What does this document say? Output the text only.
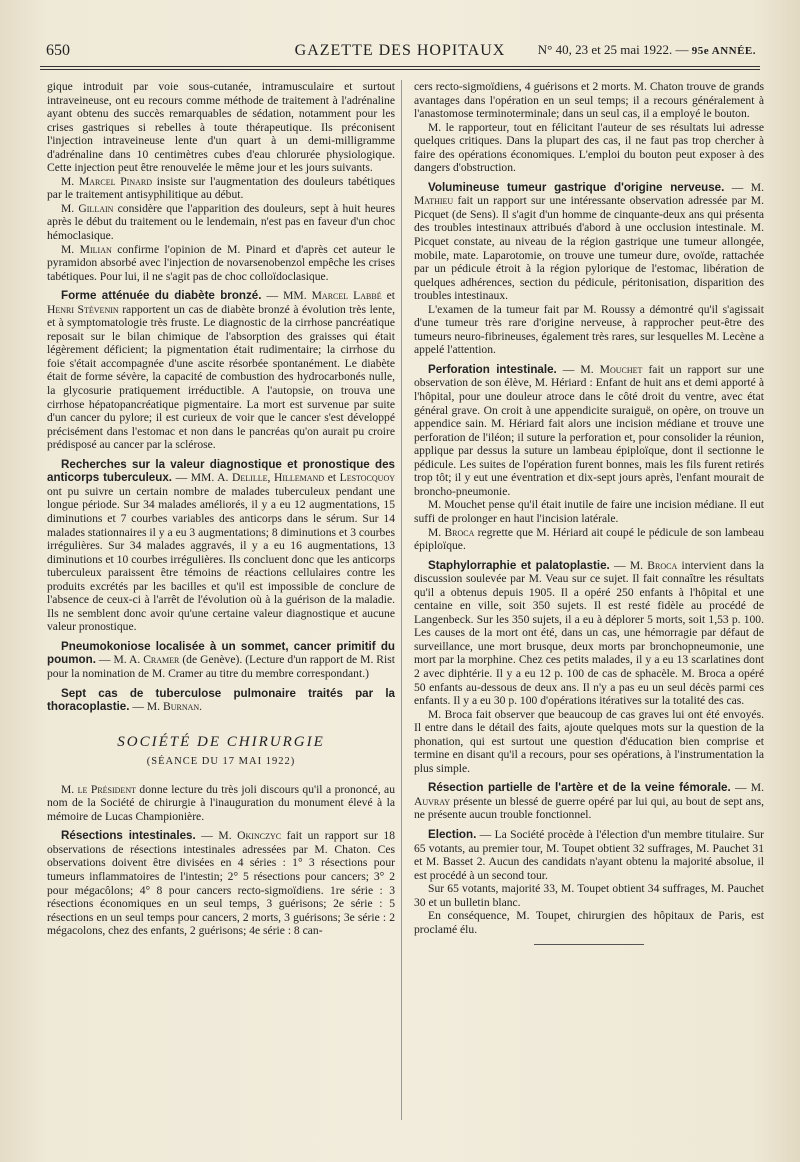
650	GAZETTE DES HOPITAUX	N° 40, 23 et 25 mai 1922. — 95e ANNÉE.

gique introduit par voie sous-cutanée, intramusculaire et surtout intraveineuse, ont eu recours comme méthode de traitement à l'adrénaline ayant obtenu des succès remarquables de sédation, notamment pour les crises gastriques si rebelles à toute thérapeutique. Ils préconisent l'injection intraveineuse lente d'un quart à un demi-milligramme d'adrénaline dans 10 centimètres cubes d'eau chlorurée physiologique. Cette injection peut être renouvelée le même jour et les jours suivants.

M. Marcel Pinard insiste sur l'augmentation des douleurs tabétiques par le traitement antisyphilitique au début.

M. Gillain considère que l'apparition des douleurs, sept à huit heures après le début du traitement ou le lendemain, n'est pas en faveur d'un choc hémoclasique.

M. Milian confirme l'opinion de M. Pinard et d'après cet auteur le pyramidon absorbé avec l'injection de novarsenobenzol empêche les crises tabétiques. Pour lui, il ne s'agit pas de choc colloïdoclasique.

Forme atténuée du diabète bronzé. — MM. Marcel Labbé et Henri Stévenin rapportent un cas de diabète bronzé à évolution très lente, et à symptomatologie très fruste. Le diagnostic de la cirrhose pancréatique reposait sur le bilan chimique de l'absorption des graisses qui était légèrement déficient; la pigmentation était rudimentaire; la cirrhose du foie s'était accompagnée d'une ascite résorbée spontanément. Le diabète était de forme sévère, la capacité de combustion des hydrocarbonés nulle, la glycosurie pratiquement irréductible. A l'autopsie, on trouva une cirrhose hépatopancréatique pigmentaire. La mort est survenue par suite d'un cancer du pylore; il est curieux de voir que le cancer s'est développé précisément dans l'estomac et non dans le pancréas qu'on aurait pu croire prédisposé au cancer par la sclérose.

Recherches sur la valeur diagnostique et pronostique des anticorps tuberculeux. — MM. A. Delille, Hillemand et Lestocquoy ont pu suivre un certain nombre de malades tuberculeux pendant une longue période. Sur 34 malades améliorés, il y a eu 12 augmentations, 15 diminutions et 7 courbes variables des anticorps dans le sérum. Sur 14 malades stationnaires il y a eu 3 augmentations; 8 diminutions et 3 courbes irrégulières. Sur 34 malades aggravés, il y a eu 16 augmentations, 13 diminutions et 10 courbes irrégulières. Ils concluent donc que les anticorps tuberculeux paraissent être témoins de réactions cellulaires contre les produits excrétés par les bacilles et qu'il est impossible de conclure de l'absence de ceux-ci à l'arrêt de l'évolution où à la guérison de la maladie. Ils ne semblent donc avoir qu'une certaine valeur diagnostique et aucune valeur pronostique.

Pneumokoniose localisée à un sommet, cancer primitif du poumon. — M. A. Cramer (de Genève). (Lecture d'un rapport de M. Rist pour la nomination de M. Cramer au titre du membre correspondant.)

Sept cas de tuberculose pulmonaire traités par la thoracoplastie. — M. Burnan.

SOCIÉTÉ DE CHIRURGIE
(SÉANCE DU 17 MAI 1922)

M. le Président donne lecture du très joli discours qu'il a prononcé, au nom de la Société de chirurgie à l'inauguration du monument élevé à la mémoire de Lucas Championière.

Résections intestinales. — M. Okinczyc fait un rapport sur 18 observations de résections intestinales adressées par M. Chaton. Ces observations doivent être divisées en 4 séries : 1° 3 résections pour tumeurs inflammatoires de l'intestin; 2° 5 résections pour cancers; 3° 2 pour mégacôlons; 4° 8 pour cancers recto-sigmoïdiens. 1re série : 3 résections économiques en un seul temps, 3 guérisons; 2e série : 5 résections en un seul temps pour cancers, 2 morts, 3 guérisons; 3e série : 2 mégacolons, chez des enfants, 2 guérisons; 4e série : 8 can-

cers recto-sigmoïdiens, 4 guérisons et 2 morts. M. Chaton trouve de grands avantages dans l'opération en un seul temps; il a recours généralement à l'anastomose terminoterminale; dans un seul cas, il a employé le bouton.

M. le rapporteur, tout en félicitant l'auteur de ses résultats lui adresse quelques critiques. Dans la plupart des cas, il ne faut pas trop chercher à faire des opérations économiques. L'emploi du bouton peut exposer à des dangers d'obstruction.

Volumineuse tumeur gastrique d'origine nerveuse. — M. Mathieu fait un rapport sur une intéressante observation adressée par M. Picquet (de Sens). Il s'agit d'un homme de cinquante-deux ans qui présenta des troubles intestinaux attribués d'abord à une occlusion intestinale. M. Picquet constate, au niveau de la région gastrique une tumeur allongée, mobile, mate. Laparotomie, on trouve une tumeur dure, ovoïde, rattachée par un pédicule étroit à la région pylorique de l'estomac, libération de quelques adhérences, section du pédicule, péritonisation, disparition des troubles intestinaux.

L'examen de la tumeur fait par M. Roussy a démontré qu'il s'agissait d'une tumeur très rare d'origine nerveuse, à rapprocher peut-être des tumeurs neuro-fibrineuses, également très rares, sur lesquelles M. Lecène a appelé l'attention.

Perforation intestinale. — M. Mouchet fait un rapport sur une observation de son élève, M. Hériard : Enfant de huit ans et demi apporté à l'hôpital, pour une douleur atroce dans le côté droit du ventre, avec état général grave. On croit à une appendicite suraiguë, on opère, on trouve un appendice sain. M. Hériard fait alors une incision médiane et trouve une perforation de l'iléon; il suture la perforation et, pour consolider la réunion, applique par dessus la suture un lambeau épiploïque, dont il sectionne le pédicule. Les suites de l'opération furent bonnes, mais les fils furent retirés trop tôt; il y eut une éventration et dix-sept jours après, l'enfant mourait de broncho-pneumonie.

M. Mouchet pense qu'il était inutile de faire une incision médiane. Il eut suffi de prolonger en haut l'incision latérale.

M. Broca regrette que M. Hériard ait coupé le pédicule de son lambeau épiploïque.

Staphylorraphie et palatoplastie. — M. Broca intervient dans la discussion soulevée par M. Veau sur ce sujet. Il fait connaître les résultats qu'il a obtenus depuis 1905. Il a opéré 250 enfants à l'hôpital et une centaine en ville, soit 350 sujets. Il est resté fidèle au procédé de Langenbeck. Sur les 350 sujets, il a eu à déplorer 5 morts, soit 1,53 p. 100. Les causes de la mort ont été, dans un cas, une hémorragie par défaut de surveillance, une mort brusque, deux morts par bronchopneumonie, une mort par la morphine. Chez ces petits malades, il y a eu 13 scarlatines dont 2 avec diphtérie. Il y a eu 12 p. 100 de cas de sphacèle. M. Broca a opéré 50 enfants au-dessous de deux ans. Il n'y a pas eu un seul décès parmi ces enfants. Il y a eu 30 p. 100 d'opérations itératives sur la totalité des cas.

M. Broca fait observer que beaucoup de cas graves lui ont été envoyés. Il entre dans le détail des faits, ajoute quelques mots sur la question de la phonation, qui est surtout une question d'éducation bien comprise et termine en disant qu'il a recours, pour ses opérations, à l'instrumentation la plus simple.

Résection partielle de l'artère et de la veine fémorale. — M. Auvray présente un blessé de guerre opéré par lui qui, au bout de sept ans, ne présente aucun trouble fonctionnel.

Election. — La Société procède à l'élection d'un membre titulaire. Sur 65 votants, au premier tour, M. Toupet obtient 32 suffrages, M. Pauchet 31 et M. Basset 2. Aucun des candidats n'ayant obtenu la majorité absolue, il est procédé à un second tour.

Sur 65 votants, majorité 33, M. Toupet obtient 34 suffrages, M. Pauchet 30 et un bulletin blanc.

En conséquence, M. Toupet, chirurgien des hôpitaux de Paris, est proclamé élu.
